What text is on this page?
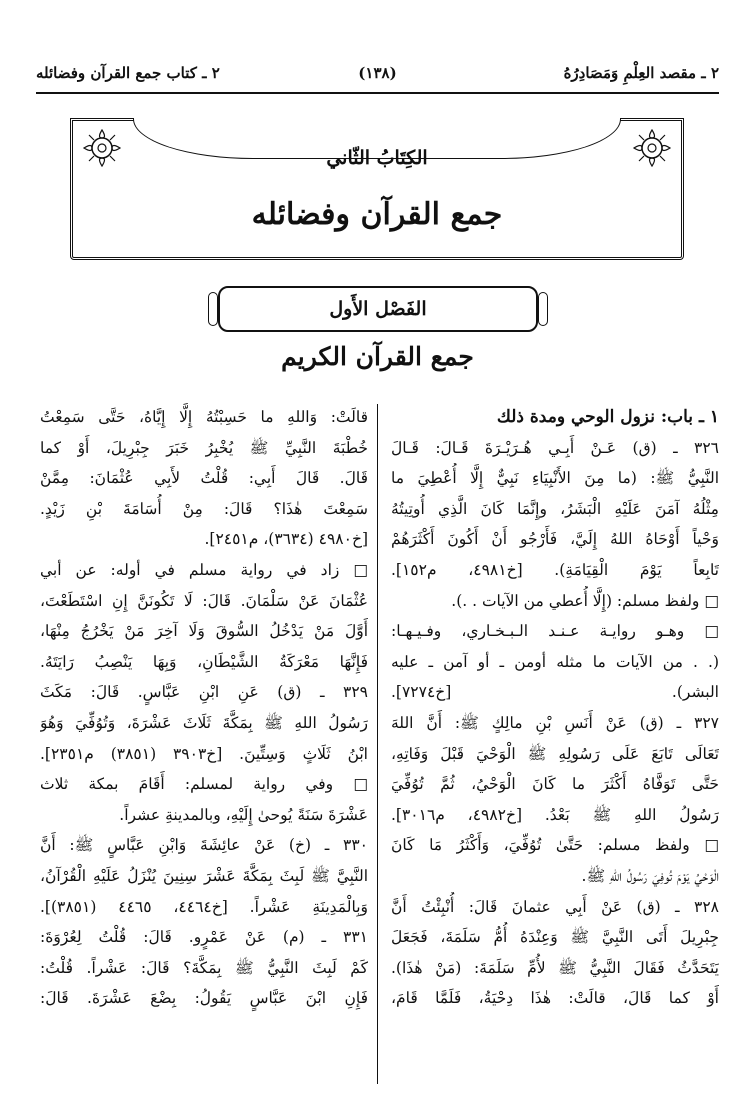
٢ ـ مقصد العِلْمِ وَمَصَادِرُهُ
(١٣٨)
٢ ـ كتاب جمع القرآن وفضائله
الكِتَابُ الثّاني
جمع القرآن وفضائله
الفَصْل الأَول
جمع القرآن الكريم
١ ـ باب: نزول الوحي ومدة ذلك
٣٢٦ ـ (ق) عَـنْ أَبِـي هُـرَيْـرَةَ قَـالَ: قَـالَ
النَّبِيُّ ﷺ: (ما مِنَ الأَنْبِيَاءِ نَبِيٌّ إِلَّا أُعْطِيَ ما
مِثْلُهُ آمَنَ عَلَيْهِ الْبَشَرُ، وإِنَّمَا كَانَ الَّذِي أُوتِيتُهُ
وَحْياً أَوْحَاهُ اللهُ إِلَيَّ، فَأَرْجُو أَنْ أَكُونَ أَكْثَرَهُمْ
تَابِعاً يَوْمَ الْقِيَامَةِ). [خ٤٩٨١، م١٥٢].
□ ولفظ مسلم: (إِلَّا أُعطي من الآيات . .).
□ وهـو روايـة عـنـد الـبـخـاري، وفـيـهـا:
(. . من الآيات ما مثله أومن ـ أو آمن ـ عليه
البشر). [خ٧٢٧٤].
٣٢٧ ـ (ق) عَنْ أَنَسِ بْنِ مالِكٍ ﷺ: أَنَّ اللهَ
تَعَالَى تَابَعَ عَلَى رَسُولِهِ ﷺ الْوَحْيَ قَبْلَ وَفَاتِهِ،
حَتَّى تَوَفَّاهُ أَكْثَرَ ما كَانَ الْوَحْيُ، ثُمَّ تُوُفِّيَ
رَسُولُ اللهِ ﷺ بَعْدُ. [خ٤٩٨٢، م٣٠١٦].
□ ولفظ مسلم: حَتَّىٰ تُوُفِّيَ، وَأَكْثَرُ مَا كَانَ
الْوَحْيُ يَوْمَ تُوفِيَ رَسُولُ اللهِ ﷺ.
٣٢٨ ـ (ق) عَنْ أَبِي عثمانَ قَالَ: أُنْبِئْتُ أَنَّ
جِبْرِيلَ أَتَى النَّبِيَّ ﷺ وَعِنْدَهُ أُمُّ سَلَمَةَ، فَجَعَلَ
يَتَحَدَّثُ فَقَالَ النَّبِيُّ ﷺ لأُمِّ سَلَمَةَ: (مَنْ هٰذَا).
أَوْ كما قَالَ، قالَتْ: هٰذَا دِحْيَةُ، فَلَمَّا قَامَ،
قالَتْ: وَاللهِ ما حَسِبْتُهُ إِلَّا إِيَّاهُ، حَتَّى سَمِعْتُ
خُطْبَةَ النَّبِيِّ ﷺ يُخْبِرُ خَبَرَ جِبْرِيلَ، أَوْ كما
قَالَ. قَالَ أَبِي: قُلْتُ لأَبِي عُثْمَانَ: مِمَّنْ
سَمِعْتَ هٰذَا؟ قَالَ: مِنْ أُسَامَةَ بْنِ زَيْدٍ.
[خ٤٩٨٠ (٣٦٣٤)، م٢٤٥١].
□ زاد في رواية مسلم في أوله: عن أبي
عُثْمَانَ عَنْ سَلْمَانَ. قَالَ: لَا تَكُونَنَّ إِنِ اسْتَطَعْتَ،
أَوَّلَ مَنْ يَدْخُلُ السُّوقَ وَلَا آخِرَ مَنْ يَخْرُجُ مِنْهَا،
فَإِنَّهَا مَعْرَكَةُ الشَّيْطَانِ، وَبِهَا يَنْصِبُ رَايَتَهُ.
٣٢٩ ـ (ق) عَنِ ابْنِ عَبَّاسٍ. قَالَ: مَكَثَ
رَسُولُ اللهِ ﷺ بِمَكَّةَ ثَلَاثَ عَشْرَةَ، وَتُوُفِّيَ وَهُوَ
ابْنُ ثَلَاثٍ وَسِتِّينَ. [خ٣٩٠٣ (٣٨٥١) م٢٣٥١].
□ وفي رواية لمسلم: أَقَامَ بمكة ثلاث
عَشْرَةَ سَنَةً يُوحىٰ إِلَيْهِ، وبالمدينةِ عشراً.
٣٣٠ ـ (خ) عَنْ عائِشَةَ وَابْنِ عَبَّاسٍ ﷺ: أَنَّ
النَّبِيَّ ﷺ لَبِثَ بِمَكَّةَ عَشْرَ سِنِينَ يُنْزَلُ عَلَيْهِ الْقُرْآنُ،
وَبِالْمَدِينَةِ عَشْراً. [خ٤٤٦٤، ٤٤٦٥ (٣٨٥١)].
٣٣١ ـ (م) عَنْ عَمْرٍو. قَالَ: قُلْتُ لِعُرْوَةَ:
كَمْ لَبِثَ النَّبِيُّ ﷺ بِمَكَّةَ؟ قَالَ: عَشْراً. قُلْتُ:
فَإِنِ ابْنَ عَبَّاسٍ يَقُولُ: بِضْعَ عَشْرَةَ. قَالَ:
